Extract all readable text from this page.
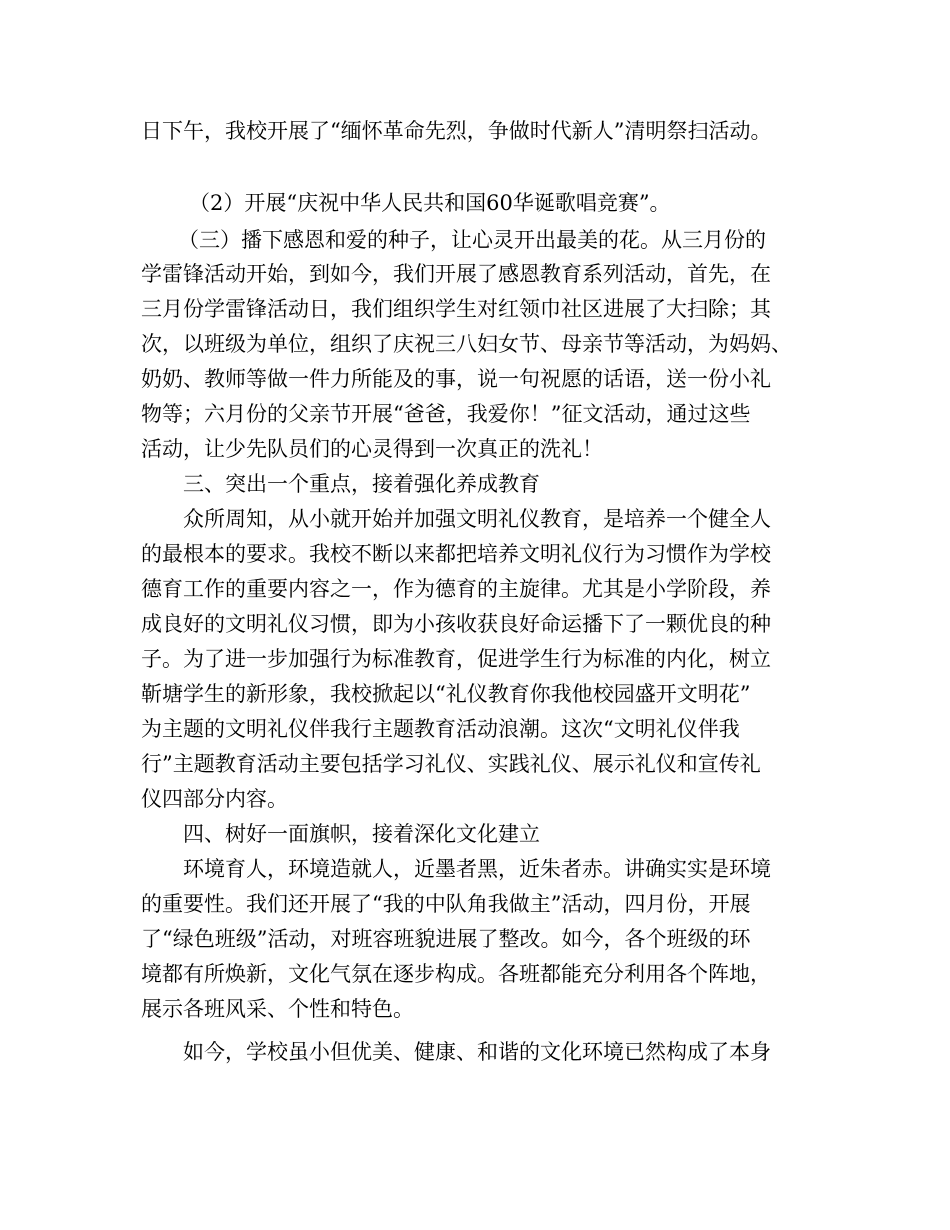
日下午，我校开展了“缅怀革命先烈，争做时代新人”清明祭扫活动。
（2）开展“庆祝中华人民共和国60华诞歌唱竞赛”。
（三）播下感恩和爱的种子，让心灵开出最美的花。从三月份的
学雷锋活动开始，到如今，我们开展了感恩教育系列活动，首先，在
三月份学雷锋活动日，我们组织学生对红领巾社区进展了大扫除；其
次，以班级为单位，组织了庆祝三八妇女节、母亲节等活动，为妈妈、
奶奶、教师等做一件力所能及的事，说一句祝愿的话语，送一份小礼
物等；六月份的父亲节开展“爸爸，我爱你！”征文活动，通过这些
活动，让少先队员们的心灵得到一次真正的洗礼！
三、突出一个重点，接着强化养成教育
众所周知，从小就开始并加强文明礼仪教育，是培养一个健全人
的最根本的要求。我校不断以来都把培养文明礼仪行为习惯作为学校
德育工作的重要内容之一，作为德育的主旋律。尤其是小学阶段，养
成良好的文明礼仪习惯，即为小孩收获良好命运播下了一颗优良的种
子。为了进一步加强行为标准教育，促进学生行为标准的内化，树立
靳塘学生的新形象，我校掀起以“礼仪教育你我他校园盛开文明花”
为主题的文明礼仪伴我行主题教育活动浪潮。这次“文明礼仪伴我
行”主题教育活动主要包括学习礼仪、实践礼仪、展示礼仪和宣传礼
仪四部分内容。
四、树好一面旗帜，接着深化文化建立
环境育人，环境造就人，近墨者黑，近朱者赤。讲确实实是环境
的重要性。我们还开展了“我的中队角我做主”活动，四月份，开展
了“绿色班级”活动，对班容班貌进展了整改。如今，各个班级的环
境都有所焕新，文化气氛在逐步构成。各班都能充分利用各个阵地，
展示各班风采、个性和特色。
如今，学校虽小但优美、健康、和谐的文化环境已然构成了本身
